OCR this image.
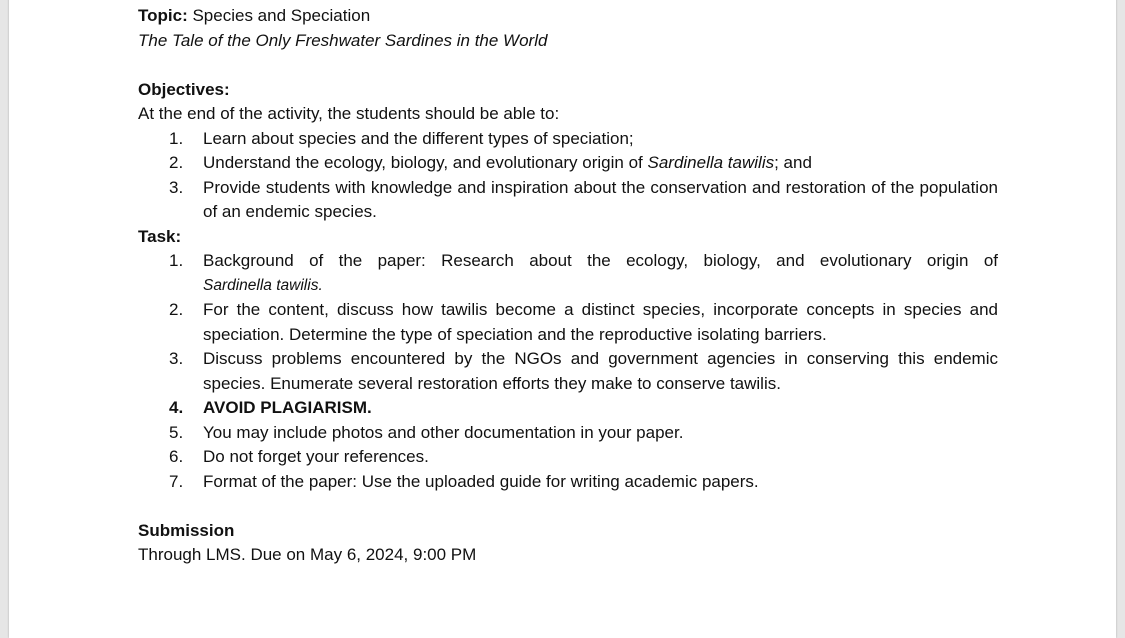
Topic: Species and Speciation
The Tale of the Only Freshwater Sardines in the World
Objectives:
At the end of the activity, the students should be able to:
1. Learn about species and the different types of speciation;
2. Understand the ecology, biology, and evolutionary origin of Sardinella tawilis; and
3. Provide students with knowledge and inspiration about the conservation and restoration of the population of an endemic species.
Task:
1. Background of the paper: Research about the ecology, biology, and evolutionary origin of
Sardinella tawilis.
2. For the content, discuss how tawilis become a distinct species, incorporate concepts in species and speciation. Determine the type of speciation and the reproductive isolating barriers.
3. Discuss problems encountered by the NGOs and government agencies in conserving this endemic species. Enumerate several restoration efforts they make to conserve tawilis.
4. AVOID PLAGIARISM.
5. You may include photos and other documentation in your paper.
6. Do not forget your references.
7. Format of the paper: Use the uploaded guide for writing academic papers.
Submission
Through LMS. Due on May 6, 2024, 9:00 PM
